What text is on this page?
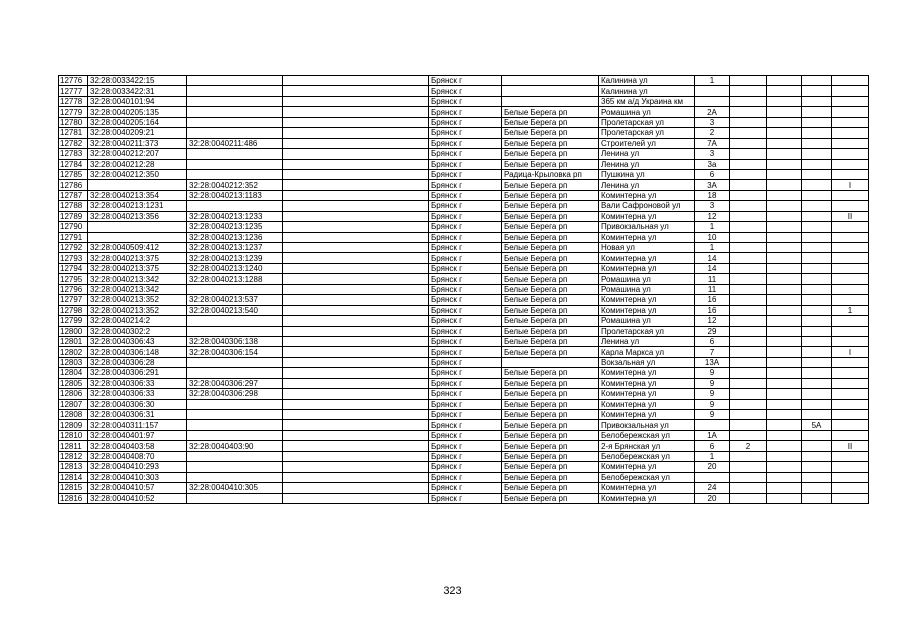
12776	32:28:0033422:15			Брянск г		Калинина ул	1				
12777	32:28:0033422:31			Брянск г		Калинина ул					
12778	32:28:0040101:94			Брянск г		365 км а/д Украина км					
12779	32:28:0040205:135			Брянск г	Белые Берега рп	Ромашина ул	2А				
12780	32:28:0040205:164			Брянск г	Белые Берега рп	Пролетарская ул	3				
12781	32:28:0040209:21			Брянск г	Белые Берега рп	Пролетарская ул	2				
12782	32:28:0040211:373	32:28:0040211:486		Брянск г	Белые Берега рп	Строителей ул	7А				
12783	32:28:0040212:207			Брянск г	Белые Берега рп	Ленина ул	3				
12784	32:28:0040212:28			Брянск г	Белые Берега рп	Ленина ул	3а				
12785	32:28:0040212:350			Брянск г	Радица-Крыловка рп	Пушкина ул	6				
12786		32:28:0040212:352		Брянск г	Белые Берега рп	Ленина ул	3А				I
12787	32:28:0040213:354	32:28:0040213:1183		Брянск г	Белые Берега рп	Коминтерна ул	18				
12788	32:28:0040213:1231			Брянск г	Белые Берега рп	Вали Сафроновой ул	3				
12789	32:28:0040213:356	32:28:0040213:1233		Брянск г	Белые Берега рп	Коминтерна ул	12				II
12790		32:28:0040213:1235		Брянск г	Белые Берега рп	Привокзальная ул	1				
12791		32:28:0040213:1236		Брянск г	Белые Берега рп	Коминтерна ул	10				
12792	32:28:0040509:412	32:28:0040213:1237		Брянск г	Белые Берега рп	Новая ул	1				
12793	32:28:0040213:375	32:28:0040213:1239		Брянск г	Белые Берега рп	Коминтерна ул	14				
12794	32:28:0040213:375	32:28:0040213:1240		Брянск г	Белые Берега рп	Коминтерна ул	14				
12795	32:28:0040213:342	32:28:0040213:1288		Брянск г	Белые Берега рп	Ромашина ул	11				
12796	32:28:0040213:342			Брянск г	Белые Берега рп	Ромашина ул	11				
12797	32:28:0040213:352	32:28:0040213:537		Брянск г	Белые Берега рп	Коминтерна ул	16				
12798	32:28:0040213:352	32:28:0040213:540		Брянск г	Белые Берега рп	Коминтерна ул	16				1
12799	32:28:0040214:2			Брянск г	Белые Берега рп	Ромашина ул	12				
12800	32:28:0040302:2			Брянск г	Белые Берега рп	Пролетарская ул	29				
12801	32:28:0040306:43	32:28:0040306:138		Брянск г	Белые Берега рп	Ленина ул	6				
12802	32:28:0040306:148	32:28:0040306:154		Брянск г	Белые Берега рп	Карла Маркса ул	7				I
12803	32:28:0040306:28			Брянск г		Вокзальная ул	13А				
12804	32:28:0040306:291			Брянск г	Белые Берега рп	Коминтерна ул	9				
12805	32:28:0040306:33	32:28:0040306:297		Брянск г	Белые Берега рп	Коминтерна ул	9				
12806	32:28:0040306:33	32:28:0040306:298		Брянск г	Белые Берега рп	Коминтерна ул	9				
12807	32:28:0040306:30			Брянск г	Белые Берега рп	Коминтерна ул	9				
12808	32:28:0040306:31			Брянск г	Белые Берега рп	Коминтерна ул	9				
12809	32:28:0040311:157			Брянск г	Белые Берега рп	Привокзальная ул				5А	
12810	32:28:0040401:97			Брянск г	Белые Берега рп	Белобережская ул	1А				
12811	32:28:0040403:58	32:28:0040403:90		Брянск г	Белые Берега рп	2-я Брянская ул	6	2			II
12812	32:28:0040408:70			Брянск г	Белые Берега рп	Белобережская ул	1				
12813	32:28:0040410:293			Брянск г	Белые Берега рп	Коминтерна ул	20				
12814	32:28:0040410:303			Брянск г	Белые Берега рп	Белобережская ул					
12815	32:28:0040410:57	32:28:0040410:305		Брянск г	Белые Берега рп	Коминтерна ул	24				
12816	32:28:0040410:52			Брянск г	Белые Берега рп	Коминтерна ул	20				
323
